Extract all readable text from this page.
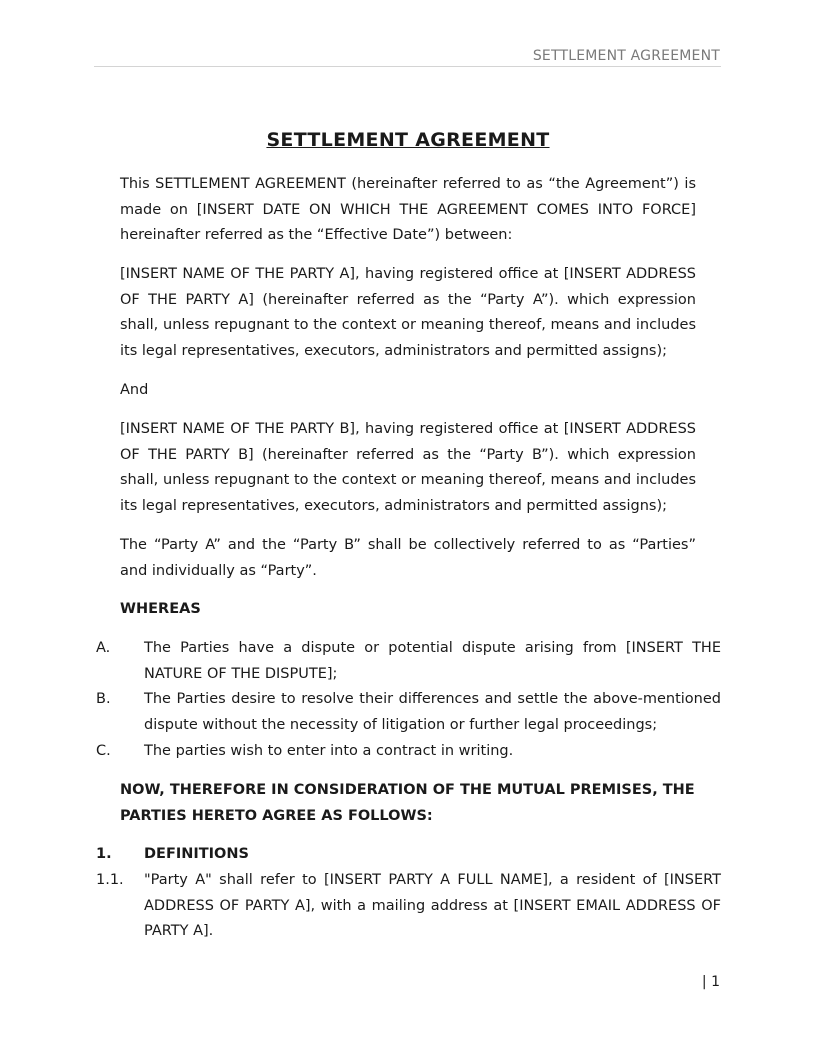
SETTLEMENT AGREEMENT
SETTLEMENT AGREEMENT
This SETTLEMENT AGREEMENT (hereinafter referred to as “the Agreement”) is made on [INSERT DATE ON WHICH THE AGREEMENT COMES INTO FORCE] hereinafter referred as the “Effective Date”) between:
[INSERT NAME OF THE PARTY A], having registered office at [INSERT ADDRESS OF THE PARTY A] (hereinafter referred as the “Party A”). which expression shall, unless repugnant to the context or meaning thereof, means and includes its legal representatives, executors, administrators and permitted assigns);
And
[INSERT NAME OF THE PARTY B], having registered office at [INSERT ADDRESS OF THE PARTY B] (hereinafter referred as the “Party B”). which expression shall, unless repugnant to the context or meaning thereof, means and includes its legal representatives, executors, administrators and permitted assigns);
The “Party A” and the “Party B” shall be collectively referred to as “Parties” and individually as “Party”.
WHEREAS
A. The Parties have a dispute or potential dispute arising from [INSERT THE NATURE OF THE DISPUTE];
B. The Parties desire to resolve their differences and settle the above-mentioned dispute without the necessity of litigation or further legal proceedings;
C. The parties wish to enter into a contract in writing.
NOW, THEREFORE IN CONSIDERATION OF THE MUTUAL PREMISES, THE PARTIES HERETO AGREE AS FOLLOWS:
1. DEFINITIONS
1.1. "Party A" shall refer to [INSERT PARTY A FULL NAME], a resident of [INSERT ADDRESS OF PARTY A], with a mailing address at [INSERT EMAIL ADDRESS OF PARTY A].
| 1
